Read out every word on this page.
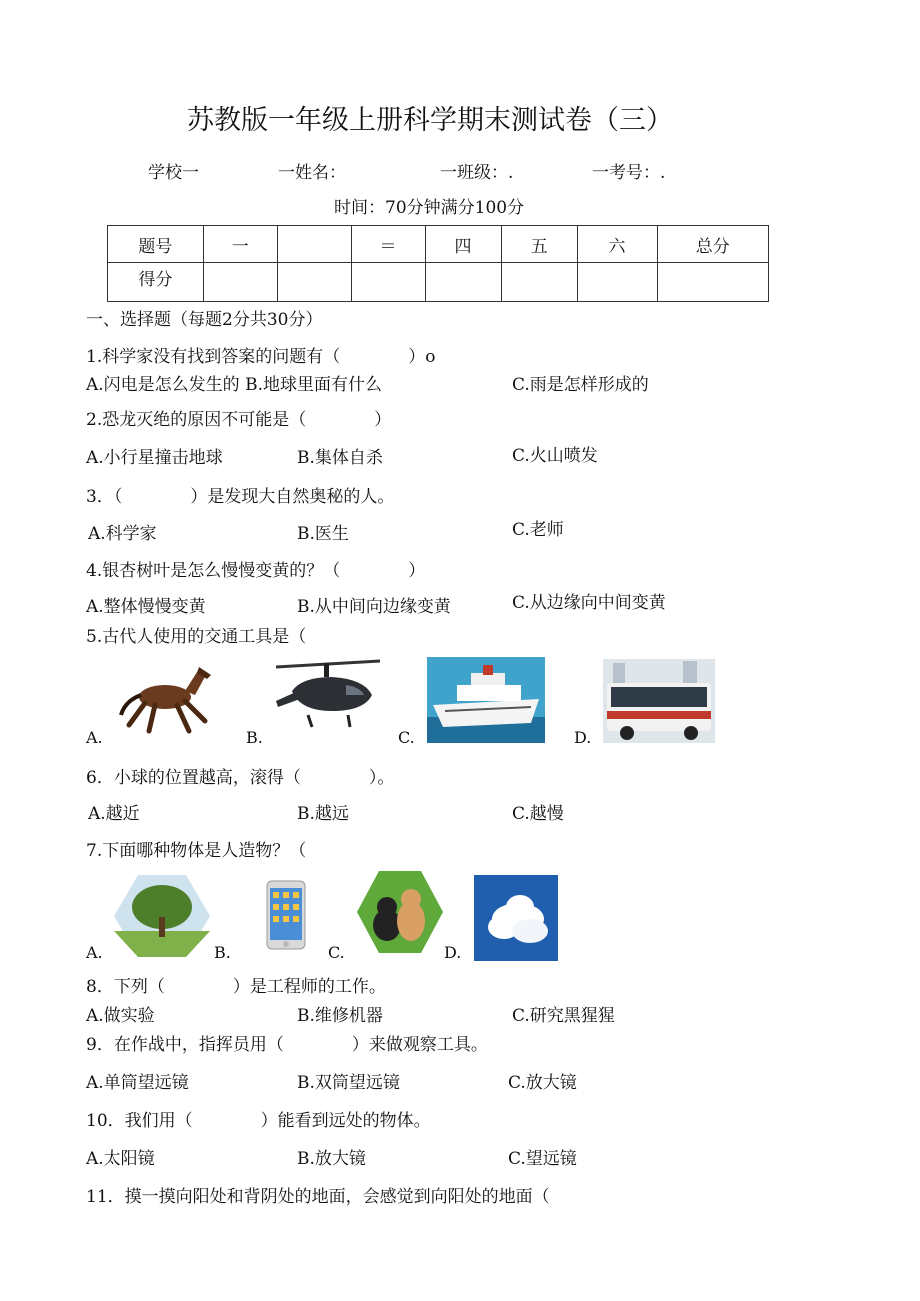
苏教版一年级上册科学期末测试卷（三）
学校一	一姓名：	一班级：.	一考号：.
时间：70分钟满分100分
题号	一		＝	四	五	六	总分
得分							
一、选择题（每题2分共30分）
1.科学家没有找到答案的问题有（　　　　）o
A.闪电是怎么发生的 B.地球里面有什么	C.雨是怎样形成的
2.恐龙灭绝的原因不可能是（　　　　）
A.小行星撞击地球	B.集体自杀	C.火山喷发
3．（　　　　）是发现大自然奥秘的人。
A.科学家	B.医生	C.老师
4.银杏树叶是怎么慢慢变黄的？（　　　　）
A.整体慢慢变黄	B.从中间向边缘变黄	C.从边缘向中间变黄
5.古代人使用的交通工具是（
A.	B.	C.	D.
6．小球的位置越高，滚得（　　　　）。
A.越近	B.越远	C.越慢
7.下面哪种物体是人造物？（
A.	B.	C.	D.
8．下列（　　　　）是工程师的工作。
A.做实验	B.维修机器	C.研究黑猩猩
9．在作战中，指挥员用（　　　　）来做观察工具。
A.单筒望远镜	B.双筒望远镜	C.放大镜
10．我们用（　　　　）能看到远处的物体。
A.太阳镜	B.放大镜	C.望远镜
11．摸一摸向阳处和背阴处的地面，会感觉到向阳处的地面（
